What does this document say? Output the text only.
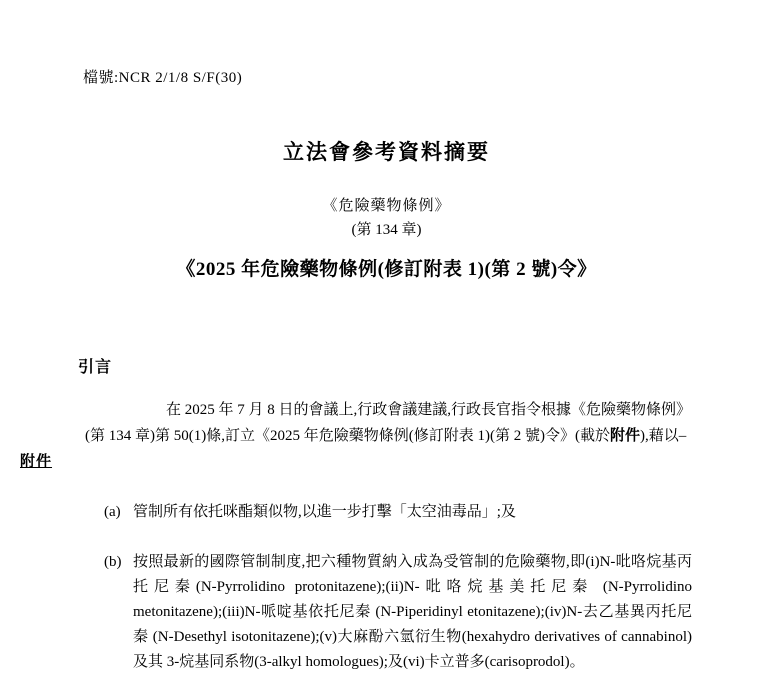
檔號:NCR 2/1/8 S/F(30)
立法會參考資料摘要
《危險藥物條例》
(第 134 章)
《2025 年危險藥物條例(修訂附表 1)(第 2 號)令》
引言
附件
在 2025 年 7 月 8 日的會議上,行政會議建議,行政長官指令根據《危險藥物條例》(第 134 章)第 50(1)條,訂立《2025 年危險藥物條例(修訂附表 1)(第 2 號)令》(載於附件),藉以–
(a) 管制所有依托咪酯類似物,以進一步打擊「太空油毒品」;及
(b) 按照最新的國際管制制度,把六種物質納入成為受管制的危險藥物,即(i)N-吡咯烷基丙托尼秦(N-Pyrrolidino protonitazene);(ii)N-吡咯烷基美托尼秦 (N-Pyrrolidino metonitazene);(iii)N-哌啶基依托尼秦 (N-Piperidinyl etonitazene);(iv)N-去乙基異丙托尼秦 (N-Desethyl isotonitazene);(v)大麻酚六氫衍生物(hexahydro derivatives of cannabinol)及其 3-烷基同系物(3-alkyl homologues);及(vi)卡立普多(carisoprodol)。
